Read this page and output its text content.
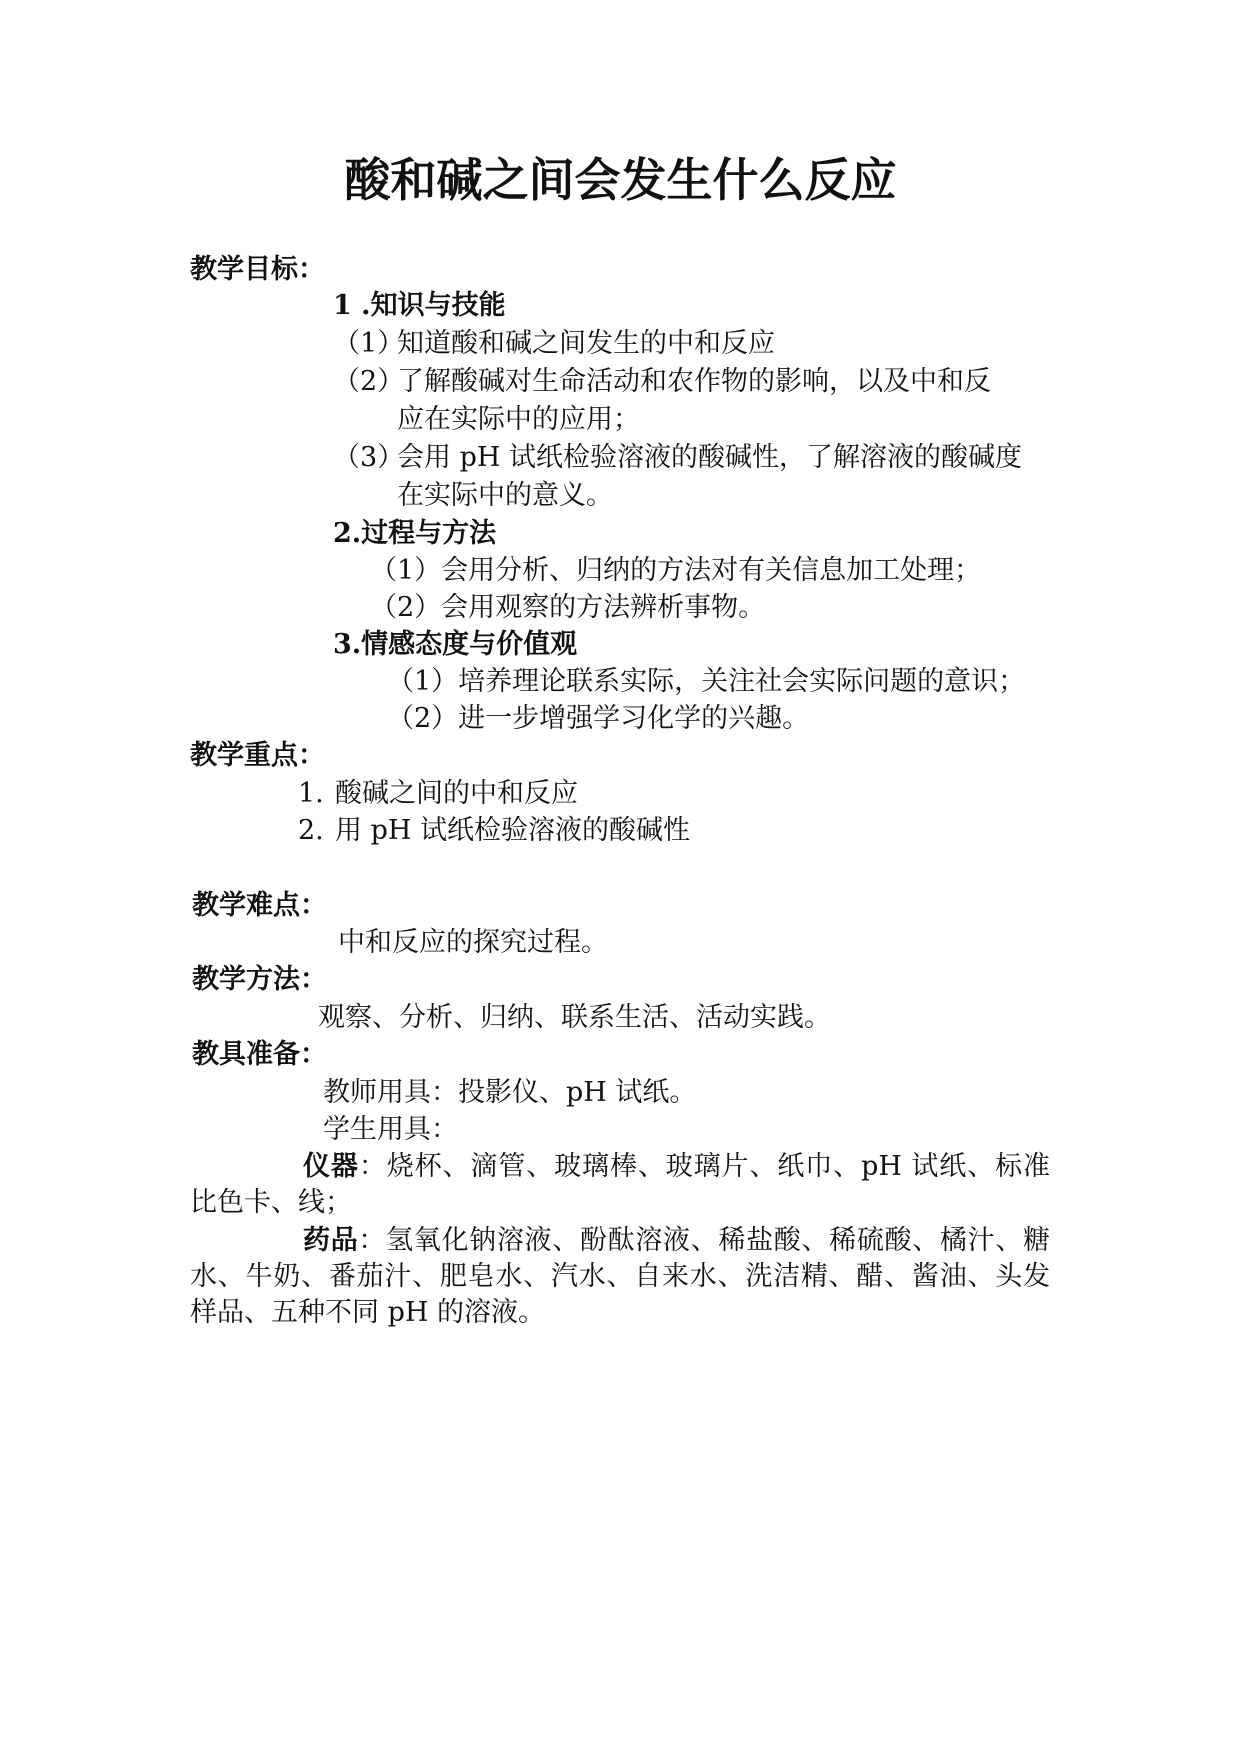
酸和碱之间会发生什么反应
教学目标：
1 .知识与技能
（1）
知道酸和碱之间发生的中和反应
（2）
了解酸碱对生命活动和农作物的影响，以及中和反
应在实际中的应用；
（3）
会用 pH 试纸检验溶液的酸碱性，了解溶液的酸碱度
在实际中的意义。
2.过程与方法
（1）会用分析、归纳的方法对有关信息加工处理；
（2）会用观察的方法辨析事物。
3.情感态度与价值观
（1）培养理论联系实际，关注社会实际问题的意识；
（2）进一步增强学习化学的兴趣。
教学重点：
1. 酸碱之间的中和反应
2. 用 pH 试纸检验溶液的酸碱性
教学难点：
中和反应的探究过程。
教学方法：
观察、分析、归纳、联系生活、活动实践。
教具准备：
教师用具：投影仪、pH 试纸。
学生用具：
仪器：烧杯、滴管、玻璃棒、玻璃片、纸巾、pH 试纸、标准比色卡、线；
药品：氢氧化钠溶液、酚酞溶液、稀盐酸、稀硫酸、橘汁、糖水、牛奶、番茄汁、肥皂水、汽水、自来水、洗洁精、醋、酱油、头发样品、五种不同 pH 的溶液。
